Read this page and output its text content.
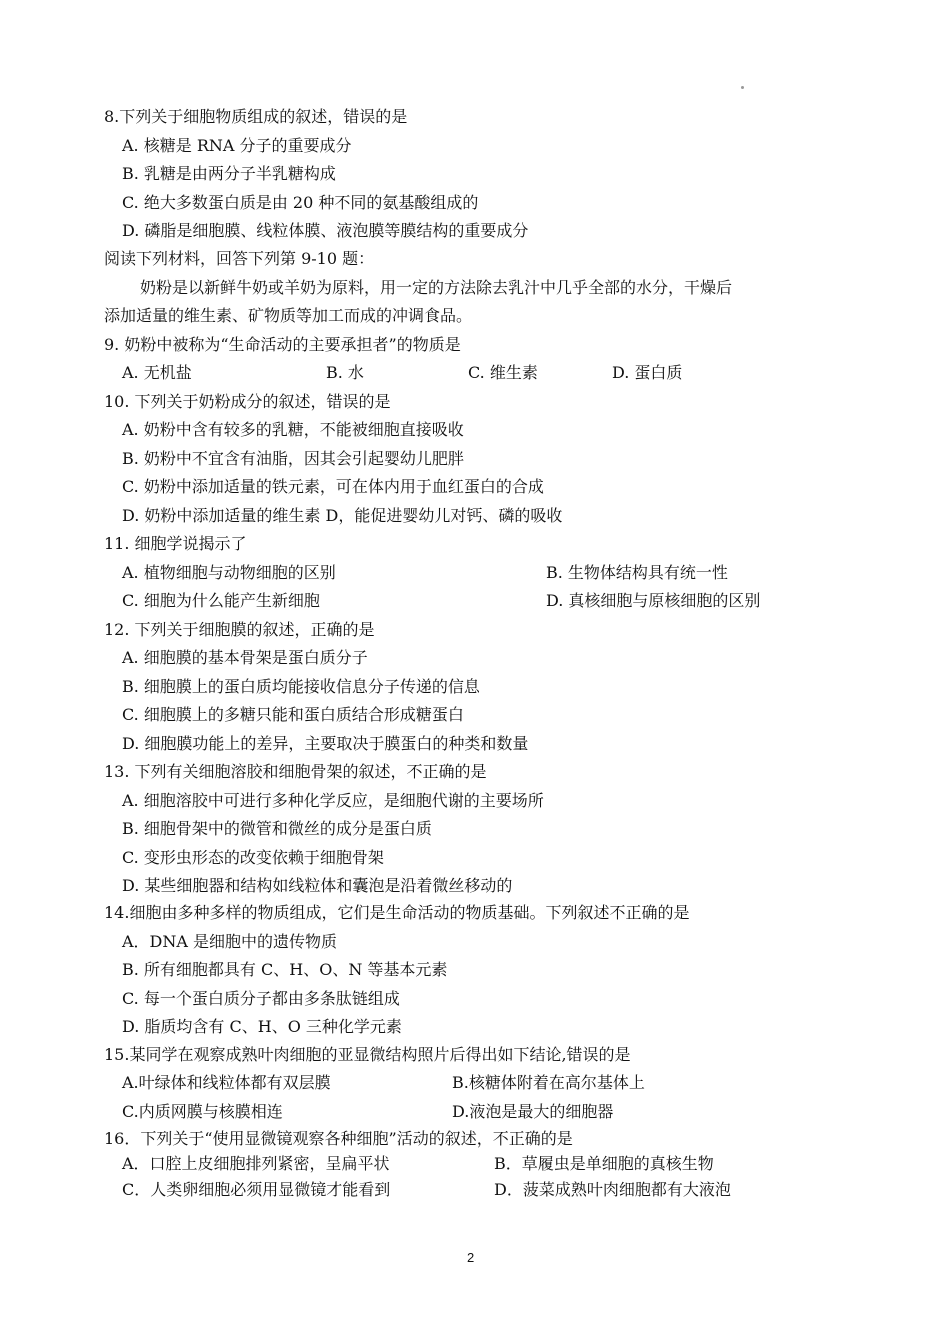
8.下列关于细胞物质组成的叙述，错误的是
A. 核糖是 RNA 分子的重要成分
B. 乳糖是由两分子半乳糖构成
C. 绝大多数蛋白质是由 20 种不同的氨基酸组成的
D. 磷脂是细胞膜、线粒体膜、液泡膜等膜结构的重要成分
阅读下列材料，回答下列第 9-10 题：
奶粉是以新鲜牛奶或羊奶为原料，用一定的方法除去乳汁中几乎全部的水分，干燥后
添加适量的维生素、矿物质等加工而成的冲调食品。
9. 奶粉中被称为“生命活动的主要承担者”的物质是
A. 无机盐	B. 水	C. 维生素	D. 蛋白质
10. 下列关于奶粉成分的叙述，错误的是
A. 奶粉中含有较多的乳糖，不能被细胞直接吸收
B. 奶粉中不宜含有油脂，因其会引起婴幼儿肥胖
C. 奶粉中添加适量的铁元素，可在体内用于血红蛋白的合成
D. 奶粉中添加适量的维生素 D，能促进婴幼儿对钙、磷的吸收
11. 细胞学说揭示了
A. 植物细胞与动物细胞的区别	B. 生物体结构具有统一性
C. 细胞为什么能产生新细胞	D. 真核细胞与原核细胞的区别
12. 下列关于细胞膜的叙述，正确的是
A. 细胞膜的基本骨架是蛋白质分子
B. 细胞膜上的蛋白质均能接收信息分子传递的信息
C. 细胞膜上的多糖只能和蛋白质结合形成糖蛋白
D. 细胞膜功能上的差异，主要取决于膜蛋白的种类和数量
13. 下列有关细胞溶胶和细胞骨架的叙述，不正确的是
A. 细胞溶胶中可进行多种化学反应，是细胞代谢的主要场所
B. 细胞骨架中的微管和微丝的成分是蛋白质
C. 变形虫形态的改变依赖于细胞骨架
D. 某些细胞器和结构如线粒体和囊泡是沿着微丝移动的
14.细胞由多种多样的物质组成，它们是生命活动的物质基础。下列叙述不正确的是
A．DNA 是细胞中的遗传物质
B. 所有细胞都具有 C、H、O、N 等基本元素
C. 每一个蛋白质分子都由多条肽链组成
D. 脂质均含有 C、H、O 三种化学元素
15.某同学在观察成熟叶肉细胞的亚显微结构照片后得出如下结论,错误的是
A.叶绿体和线粒体都有双层膜	B.核糖体附着在高尔基体上
C.内质网膜与核膜相连	D.液泡是最大的细胞器
16．下列关于“使用显微镜观察各种细胞”活动的叙述，不正确的是
A．口腔上皮细胞排列紧密，呈扁平状	B．草履虫是单细胞的真核生物
C．人类卵细胞必须用显微镜才能看到	D．菠菜成熟叶肉细胞都有大液泡
2
